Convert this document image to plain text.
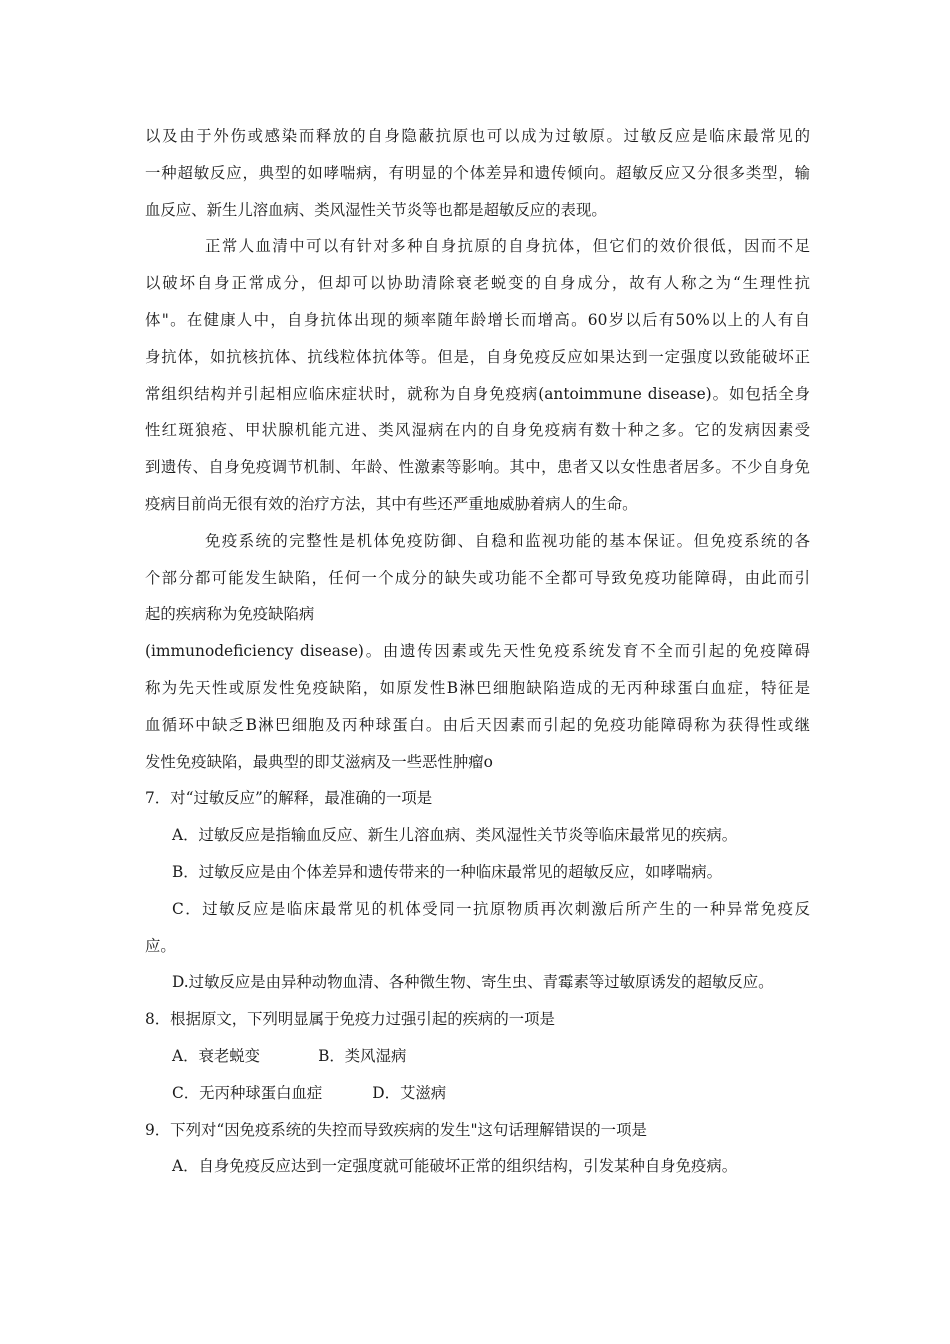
以及由于外伤或感染而释放的自身隐蔽抗原也可以成为过敏原。过敏反应是临床最常见的
一种超敏反应，典型的如哮喘病，有明显的个体差异和遗传倾向。超敏反应又分很多类型，输
血反应、新生儿溶血病、类风湿性关节炎等也都是超敏反应的表现。
正常人血清中可以有针对多种自身抗原的自身抗体，但它们的效价很低，因而不足
以破坏自身正常成分，但却可以协助清除衰老蜕变的自身成分，故有人称之为“生理性抗
体"。在健康人中，自身抗体出现的频率随年龄增长而增高。60岁以后有50%以上的人有自
身抗体，如抗核抗体、抗线粒体抗体等。但是，自身免疫反应如果达到一定强度以致能破坏正
常组织结构并引起相应临床症状时，就称为自身免疫病(antoimmune disease)。如包括全身
性红斑狼疮、甲状腺机能亢进、类风湿病在内的自身免疫病有数十种之多。它的发病因素受
到遗传、自身免疫调节机制、年龄、性激素等影响。其中，患者又以女性患者居多。不少自身免
疫病目前尚无很有效的治疗方法，其中有些还严重地威胁着病人的生命。
免疫系统的完整性是机体免疫防御、自稳和监视功能的基本保证。但免疫系统的各
个部分都可能发生缺陷，任何一个成分的缺失或功能不全都可导致免疫功能障碍，由此而引
起的疾病称为免疫缺陷病
(immunodeficiency disease)。由遗传因素或先天性免疫系统发育不全而引起的免疫障碍
称为先天性或原发性免疫缺陷，如原发性B淋巴细胞缺陷造成的无丙种球蛋白血症，特征是
血循环中缺乏B淋巴细胞及丙种球蛋白。由后天因素而引起的免疫功能障碍称为获得性或继
发性免疫缺陷，最典型的即艾滋病及一些恶性肿瘤o
7．对“过敏反应”的解释，最准确的一项是
A．过敏反应是指输血反应、新生儿溶血病、类风湿性关节炎等临床最常见的疾病。
B．过敏反应是由个体差异和遗传带来的一种临床最常见的超敏反应，如哮喘病。
C．过敏反应是临床最常见的机体受同一抗原物质再次刺激后所产生的一种异常免疫反
应。
D.过敏反应是由异种动物血清、各种微生物、寄生虫、青霉素等过敏原诱发的超敏反应。
8．根据原文，下列明显属于免疫力过强引起的疾病的一项是
A．衰老蜕变	B．类风湿病
C．无丙种球蛋白血症	D．艾滋病
9．下列对“因免疫系统的失控而导致疾病的发生"这句话理解错误的一项是
A．自身免疫反应达到一定强度就可能破坏正常的组织结构，引发某种自身免疫病。
